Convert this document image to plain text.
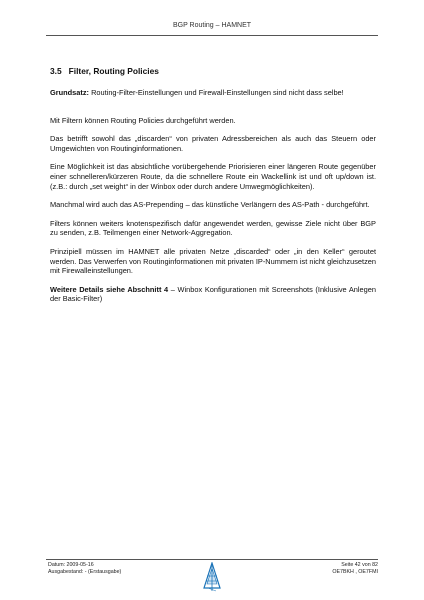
BGP Routing – HAMNET
3.5 Filter, Routing Policies

Grundsatz: Routing-Filter-Einstellungen und Firewall-Einstellungen sind nicht dass selbe!

Mit Filtern können Routing Policies durchgeführt werden.

Das betrifft sowohl das „discarden“ von privaten Adressbereichen als auch das Steuern oder Umgewichten von Routinginformationen.

Eine Möglichkeit ist das absichtliche vorübergehende Priorisieren einer längeren Route gegenüber einer schnelleren/kürzeren Route, da die schnellere Route ein Wackellink ist und oft up/down ist. (z.B.: durch „set weight“ in der Winbox oder durch andere Umwegmöglichkeiten).

Manchmal wird auch das AS-Prepending – das künstliche Verlängern des AS-Path - durchgeführt.

Filters können weiters knotenspezifisch dafür angewendet werden, gewisse Ziele nicht über BGP zu senden, z.B. Teilmengen einer Network-Aggregation.

Prinzipiell müssen im HAMNET alle privaten Netze „discarded“ oder „in den Keller“ geroutet werden. Das Verwerfen von Routinginformationen mit privaten IP-Nummern ist nicht gleichzusetzen mit Firewalleinstellungen.

Weitere Details siehe Abschnitt 4 – Winbox Konfigurationen mit Screenshots (Inklusive Anlegen der Basic-Filter)

Datum: 2009-05-16
Ausgabestand: - (Erstausgabe)
Seite 42 von 82
OE7BKH , OE7FMI
